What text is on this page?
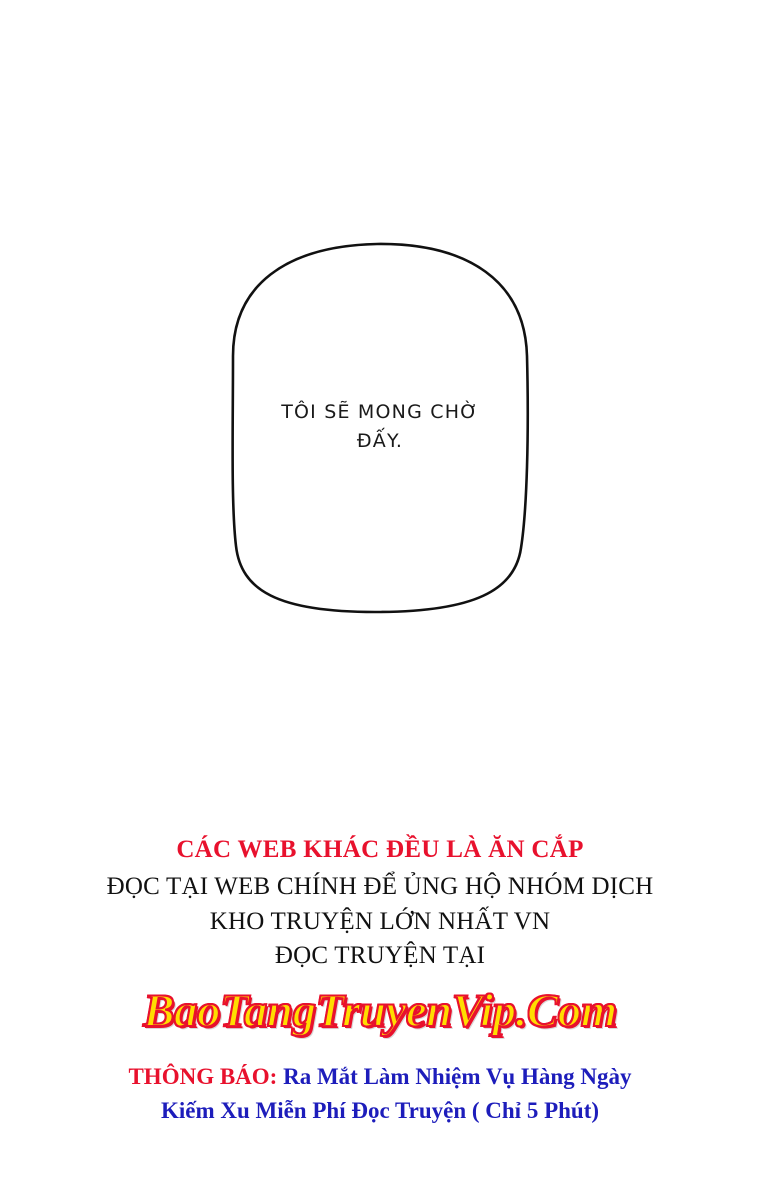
TÔI SẼ MONG CHỜ
ĐẤY.
CÁC WEB KHÁC ĐỀU LÀ ĂN CẮP
ĐỌC TẠI WEB CHÍNH ĐỂ ỦNG HỘ NHÓM DỊCH
KHO TRUYỆN LỚN NHẤT VN
ĐỌC TRUYỆN TẠI
BaoTangTruyenVip.Com
THÔNG BÁO: Ra Mắt Làm Nhiệm Vụ Hàng Ngày
Kiếm Xu Miễn Phí Đọc Truyện ( Chỉ 5 Phút)
